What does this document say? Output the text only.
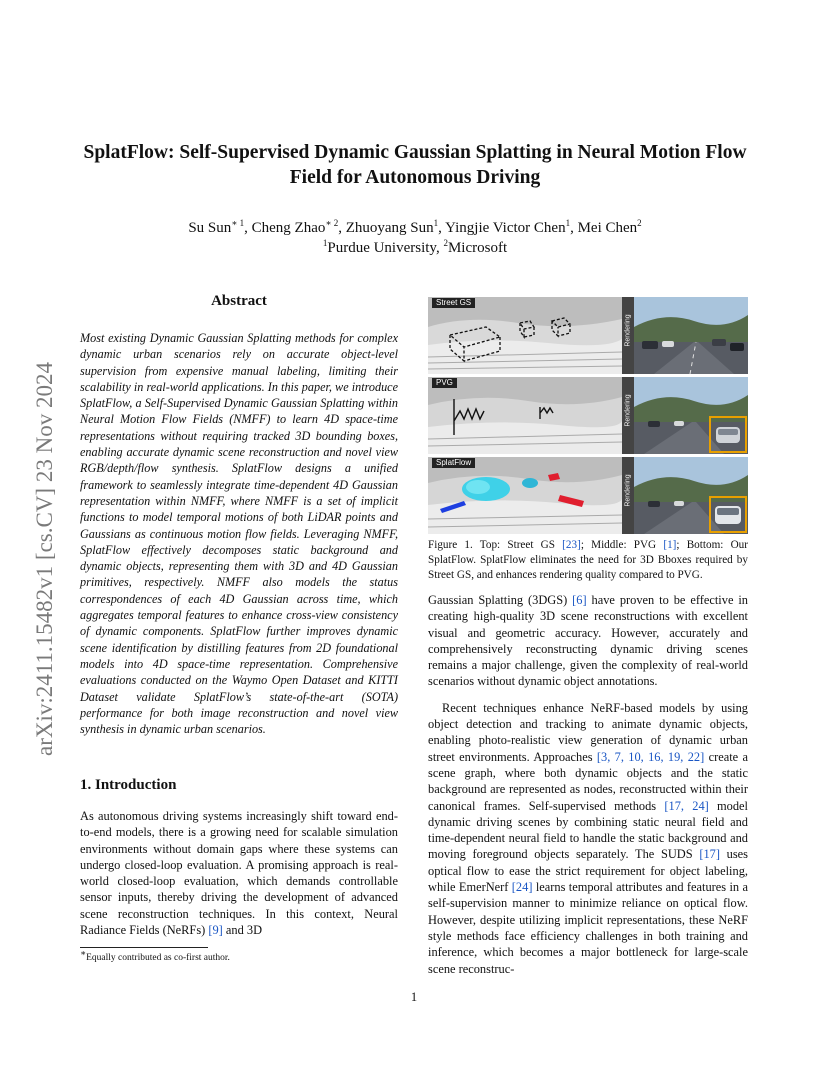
arXiv:2411.15482v1 [cs.CV] 23 Nov 2024
SplatFlow: Self-Supervised Dynamic Gaussian Splatting in Neural Motion Flow
Field for Autonomous Driving
Su Sun$^{∗ 1}$, Cheng Zhao$^{∗ 2}$, Zhuoyang Sun$^1$, Yingjie Victor Chen$^1$, Mei Chen$^2$
$^1$Purdue University, $^2$Microsoft
Abstract
Most existing Dynamic Gaussian Splatting methods for complex dynamic urban scenarios rely on accurate object-level supervision from expensive manual labeling, limiting their scalability in real-world applications. In this paper, we introduce SplatFlow, a Self-Supervised Dynamic Gaussian Splatting within Neural Motion Flow Fields (NMFF) to learn 4D space-time representations without requiring tracked 3D bounding boxes, enabling accurate dynamic scene reconstruction and novel view RGB/depth/flow synthesis. SplatFlow designs a unified framework to seamlessly integrate time-dependent 4D Gaussian representation within NMFF, where NMFF is a set of implicit functions to model temporal motions of both LiDAR points and Gaussians as continuous motion flow fields. Leveraging NMFF, SplatFlow effectively decomposes static background and dynamic objects, representing them with 3D and 4D Gaussian primitives, respectively. NMFF also models the status correspondences of each 4D Gaussian across time, which aggregates temporal features to enhance cross-view consistency of dynamic components. SplatFlow further improves dynamic scene identification by distilling features from 2D foundational models into 4D space-time representation. Comprehensive evaluations conducted on the Waymo Open Dataset and KITTI Dataset validate SplatFlow’s state-of-the-art (SOTA) performance for both image reconstruction and novel view synthesis in dynamic urban scenarios.
1. Introduction
As autonomous driving systems increasingly shift toward end-to-end models, there is a growing need for scalable simulation environments without domain gaps where these systems can undergo closed-loop evaluation. A promising approach is real-world closed-loop evaluation, which demands controllable sensor inputs, thereby driving the development of advanced scene reconstruction techniques. In this context, Neural Radiance Fields (NeRFs) [9] and 3D
∗Equally contributed as co-first author.
1
Street GS
Rendering
PVG
Rendering
SplatFlow
Rendering
Figure 1. Top: Street GS [23]; Middle: PVG [1]; Bottom: Our SplatFlow. SplatFlow eliminates the need for 3D Bboxes required by Street GS, and enhances rendering quality compared to PVG.

Gaussian Splatting (3DGS) [6] have proven to be effective in creating high-quality 3D scene reconstructions with excellent visual and geometric accuracy. However, accurately and comprehensively reconstructing dynamic driving scenes remains a major challenge, given the complexity of real-world scenarios without dynamic object annotations.

Recent techniques enhance NeRF-based models by using object detection and tracking to animate dynamic objects, enabling photo-realistic view generation of dynamic urban street environments. Approaches [3, 7, 10, 16, 19, 22] create a scene graph, where both dynamic objects and the static background are represented as nodes, reconstructed within their canonical frames. Self-supervised methods [17, 24] model dynamic driving scenes by combining static neural field and time-dependent neural field to handle the static background and moving foreground objects separately. The SUDS [17] uses optical flow to ease the strict requirement for object labeling, while EmerNerf [24] learns temporal attributes and features in a self-supervision manner to minimize reliance on optical flow. However, despite utilizing implicit representations, these NeRF style methods face efficiency challenges in both training and inference, which becomes a major bottleneck for large-scale scene reconstruc-
